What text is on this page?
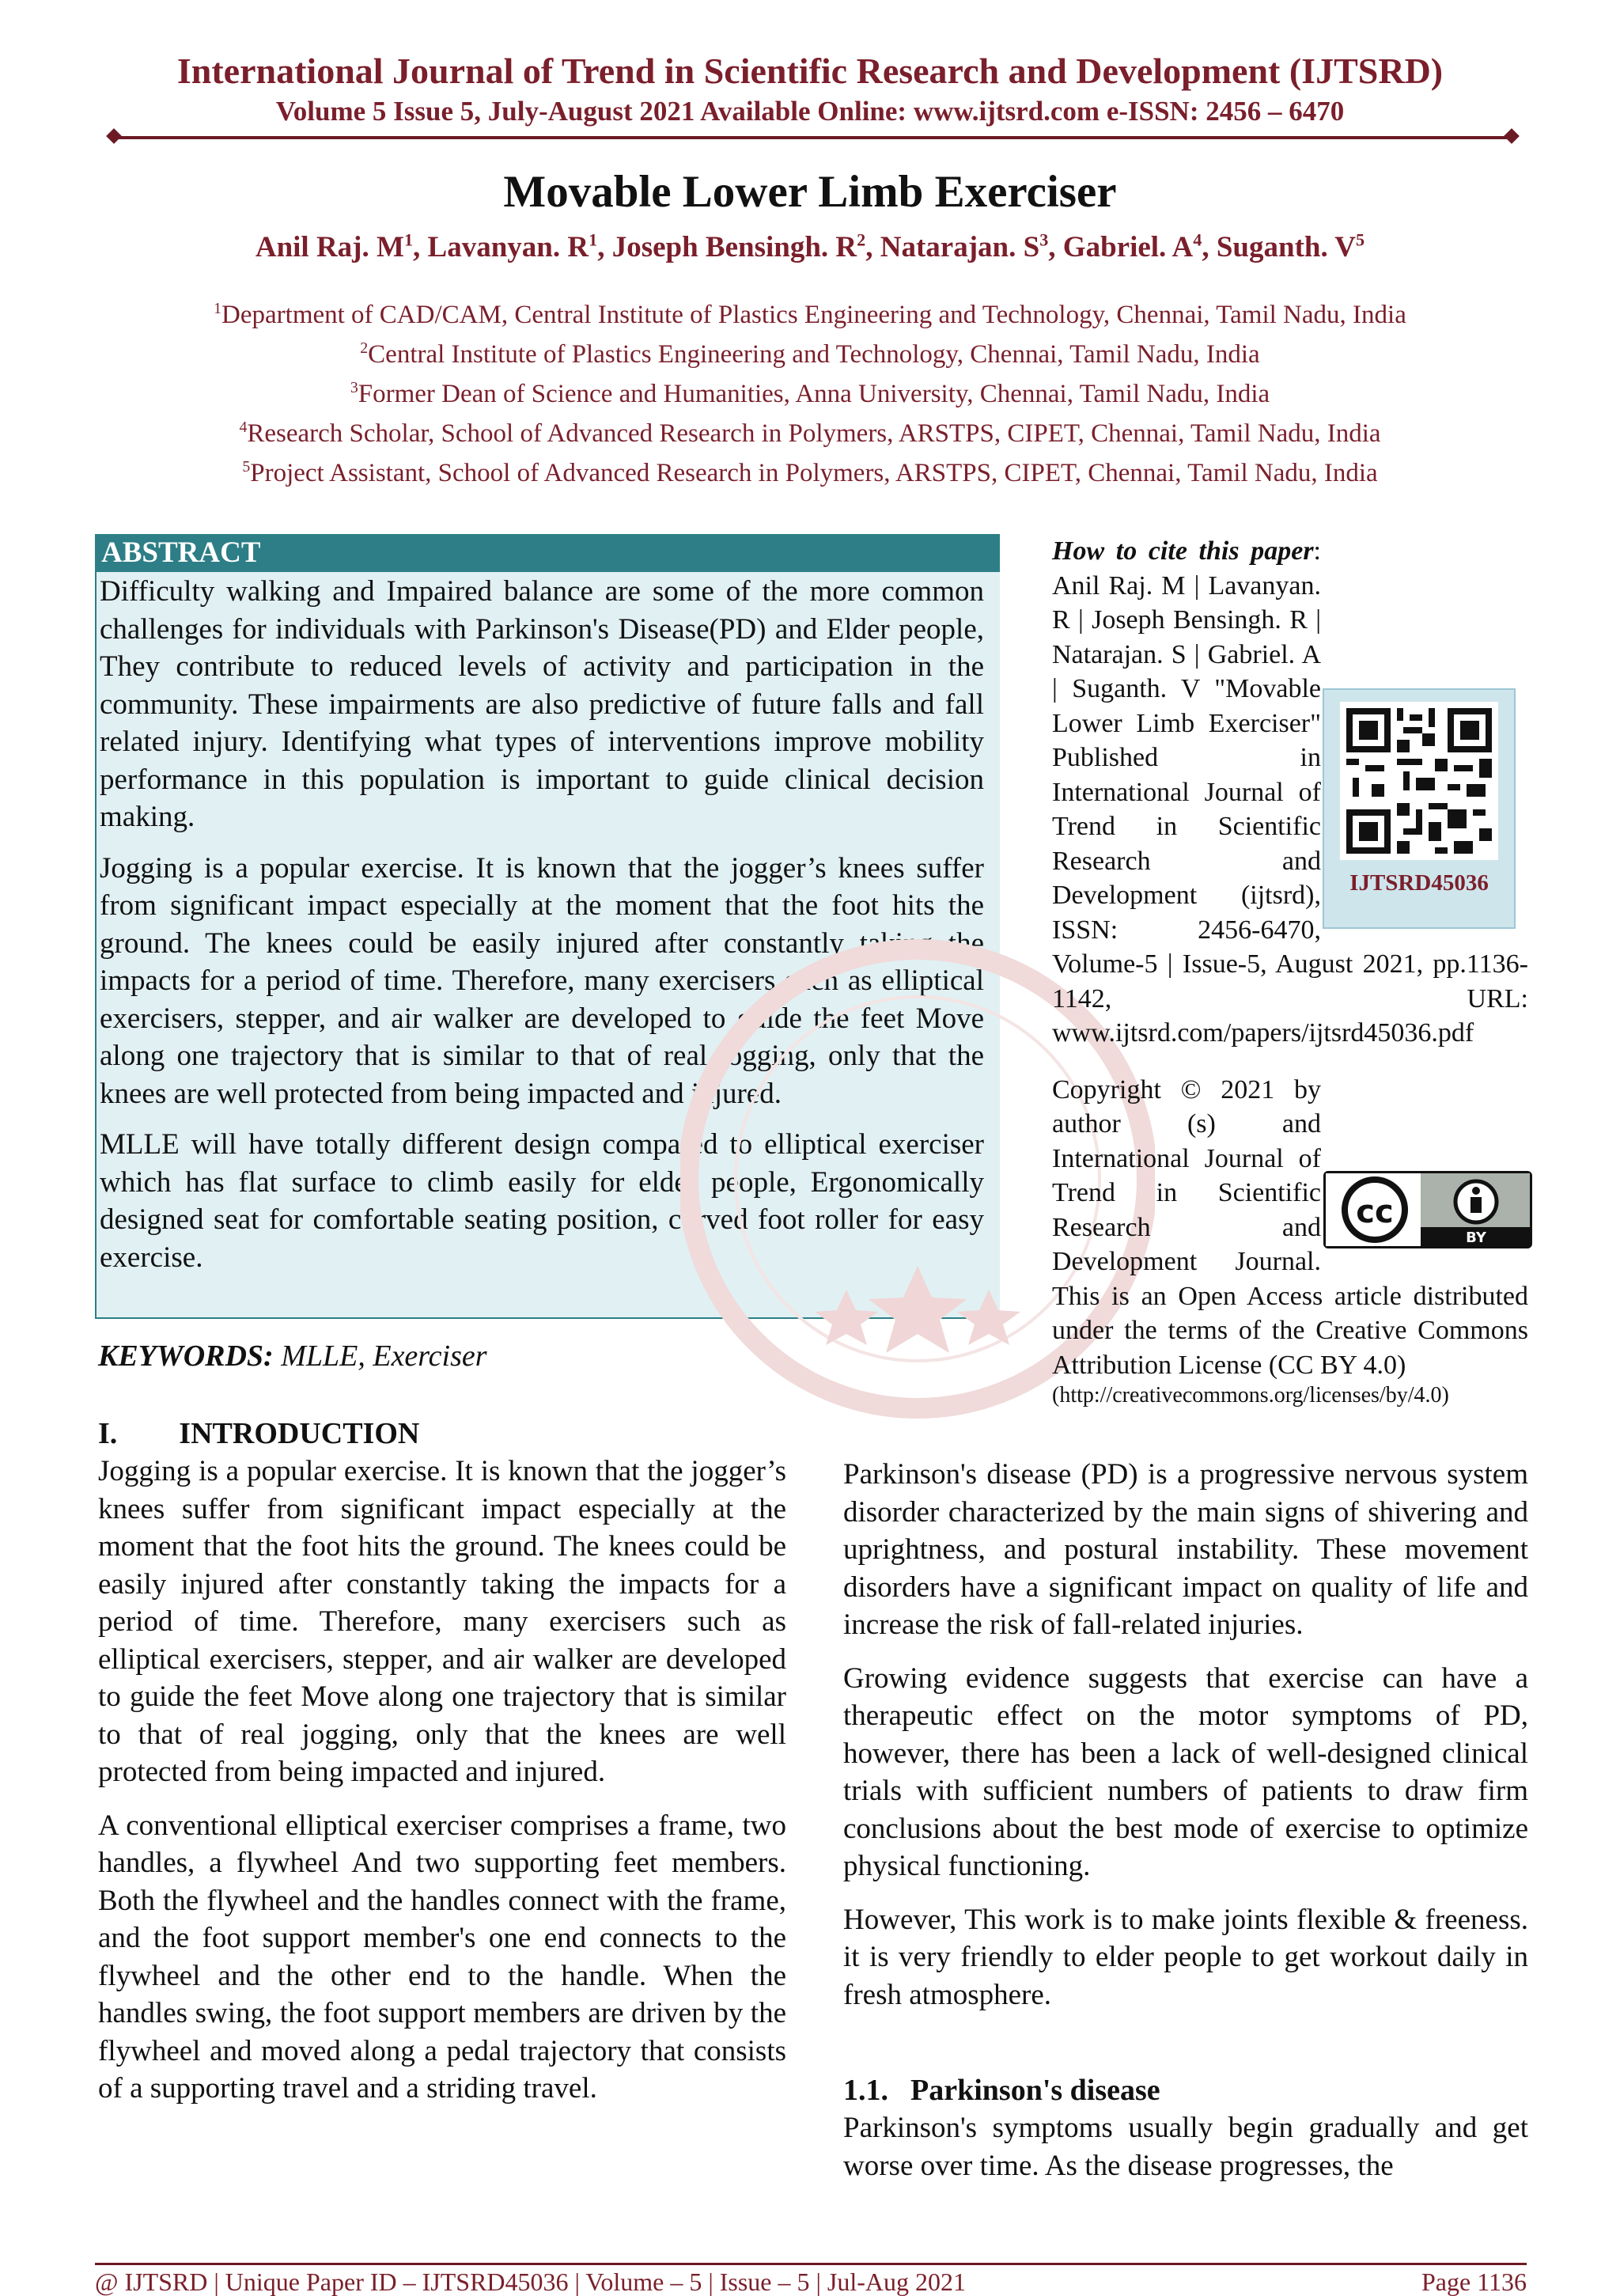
International Journal of Trend in Scientific Research and Development (IJTSRD)
Volume 5 Issue 5, July-August 2021 Available Online: www.ijtsrd.com e-ISSN: 2456 – 6470
Movable Lower Limb Exerciser
Anil Raj. $M^1$, Lavanyan. $R^1$, Joseph Bensingh. $R^2$, Natarajan. $S^3$, Gabriel. $A^4$, Suganth. $V^5$
$^1$Department of CAD/CAM, Central Institute of Plastics Engineering and Technology, Chennai, Tamil Nadu, India
$^2$Central Institute of Plastics Engineering and Technology, Chennai, Tamil Nadu, India
$^3$Former Dean of Science and Humanities, Anna University, Chennai, Tamil Nadu, India
$^4$Research Scholar, School of Advanced Research in Polymers, ARSTPS, CIPET, Chennai, Tamil Nadu, India
$^5$Project Assistant, School of Advanced Research in Polymers, ARSTPS, CIPET, Chennai, Tamil Nadu, India
ABSTRACT

Difficulty walking and Impaired balance are some of the more common challenges for individuals with Parkinson's Disease(PD) and Elder people, They contribute to reduced levels of activity and participation in the community. These impairments are also predictive of future falls and fall related injury. Identifying what types of interventions improve mobility performance in this population is important to guide clinical decision making.

Jogging is a popular exercise. It is known that the jogger’s knees suffer from significant impact especially at the moment that the foot hits the ground. The knees could be easily injured after constantly taking the impacts for a period of time. Therefore, many exercisers such as elliptical exercisers, stepper, and air walker are developed to guide the feet Move along one trajectory that is similar to that of real jogging, only that the knees are well protected from being impacted and injured.

MLLE will have totally different design compared to elliptical exerciser which has flat surface to climb easily for elder people, Ergonomically designed seat for comfortable seating position, curved foot roller for easy exercise.

How to cite this paper: Anil Raj. M | Lavanyan. R | Joseph Bensingh. R | Natarajan. S | Gabriel. A | Suganth. V "Movable Lower Limb Exerciser" Published in International Journal of Trend in Scientific Research and Development (ijtsrd), ISSN: 2456-6470, Volume-5 | Issue-5, August 2021, pp.1136-1142, URL: www.ijtsrd.com/papers/ijtsrd45036.pdf

Copyright © 2021 by author (s) and International Journal of Trend in Scientific Research and Development Journal. This is an Open Access article distributed under the terms of the Creative Commons Attribution License (CC BY 4.0)
(http://creativecommons.org/licenses/by/4.0)

IJTSRD45036
cc
BY
KEYWORDS: MLLE, Exerciser
I. INTRODUCTION

Jogging is a popular exercise. It is known that the jogger’s knees suffer from significant impact especially at the moment that the foot hits the ground. The knees could be easily injured after constantly taking the impacts for a period of time. Therefore, many exercisers such as elliptical exercisers, stepper, and air walker are developed to guide the feet Move along one trajectory that is similar to that of real jogging, only that the knees are well protected from being impacted and injured.

A conventional elliptical exerciser comprises a frame, two handles, a flywheel And two supporting feet members. Both the flywheel and the handles connect with the frame, and the foot support member's one end connects to the flywheel and the other end to the handle. When the handles swing, the foot support members are driven by the flywheel and moved along a pedal trajectory that consists of a supporting travel and a striding travel.

Parkinson's disease (PD) is a progressive nervous system disorder characterized by the main signs of shivering and uprightness, and postural instability. These movement disorders have a significant impact on quality of life and increase the risk of fall-related injuries.

Growing evidence suggests that exercise can have a therapeutic effect on the motor symptoms of PD, however, there has been a lack of well-designed clinical trials with sufficient numbers of patients to draw firm conclusions about the best mode of exercise to optimize physical functioning.

However, This work is to make joints flexible & freeness. it is very friendly to elder people to get workout daily in fresh atmosphere.

1.1. Parkinson's disease

Parkinson's symptoms usually begin gradually and get worse over time. As the disease progresses, the

@ IJTSRD | Unique Paper ID – IJTSRD45036 | Volume – 5 | Issue – 5 | Jul-Aug 2021	Page 1136
